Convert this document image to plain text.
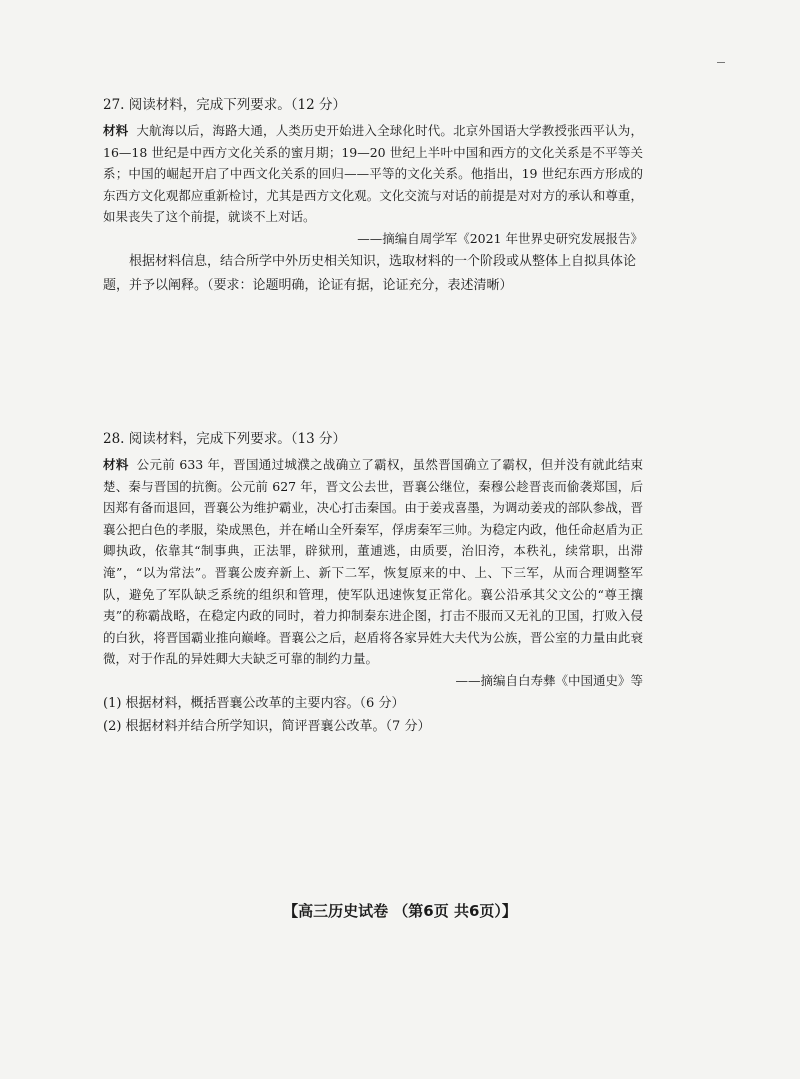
27. 阅读材料，完成下列要求。（12 分）

材料 大航海以后，海路大通，人类历史开始进入全球化时代。北京外国语大学教授张西平认为，16—18 世纪是中西方文化关系的蜜月期；19—20 世纪上半叶中国和西方的文化关系是不平等关系；中国的崛起开启了中西文化关系的回归——平等的文化关系。他指出，19 世纪东西方形成的东西方文化观都应重新检讨，尤其是西方文化观。文化交流与对话的前提是对对方的承认和尊重，如果丧失了这个前提，就谈不上对话。

——摘编自周学军《2021 年世界史研究发展报告》

根据材料信息，结合所学中外历史相关知识，选取材料的一个阶段或从整体上自拟具体论题，并予以阐释。（要求：论题明确，论证有据，论证充分，表述清晰）

28. 阅读材料，完成下列要求。（13 分）

材料 公元前 633 年，晋国通过城濮之战确立了霸权，虽然晋国确立了霸权，但并没有就此结束楚、秦与晋国的抗衡。公元前 627 年，晋文公去世，晋襄公继位，秦穆公趁晋丧而偷袭郑国，后因郑有备而退回，晋襄公为维护霸业，决心打击秦国。由于姜戎喜墨，为调动姜戎的部队参战，晋襄公把白色的孝服，染成黑色，并在崤山全歼秦军，俘虏秦军三帅。为稳定内政，他任命赵盾为正卿执政，依靠其“制事典，正法罪，辟狱刑，董逋逃，由质要，治旧洿，本秩礼，续常职，出滞淹”，“以为常法”。晋襄公废弃新上、新下二军，恢复原来的中、上、下三军，从而合理调整军队，避免了军队缺乏系统的组织和管理，使军队迅速恢复正常化。襄公沿承其父文公的“尊王攘夷”的称霸战略，在稳定内政的同时，着力抑制秦东进企图，打击不服而又无礼的卫国，打败入侵的白狄，将晋国霸业推向巅峰。晋襄公之后，赵盾将各家异姓大夫代为公族，晋公室的力量由此衰微，对于作乱的异姓卿大夫缺乏可靠的制约力量。

——摘编自白寿彝《中国通史》等

(1) 根据材料，概括晋襄公改革的主要内容。（6 分）

(2) 根据材料并结合所学知识，简评晋襄公改革。（7 分）

【高三历史试卷 （第6页 共6页）】
